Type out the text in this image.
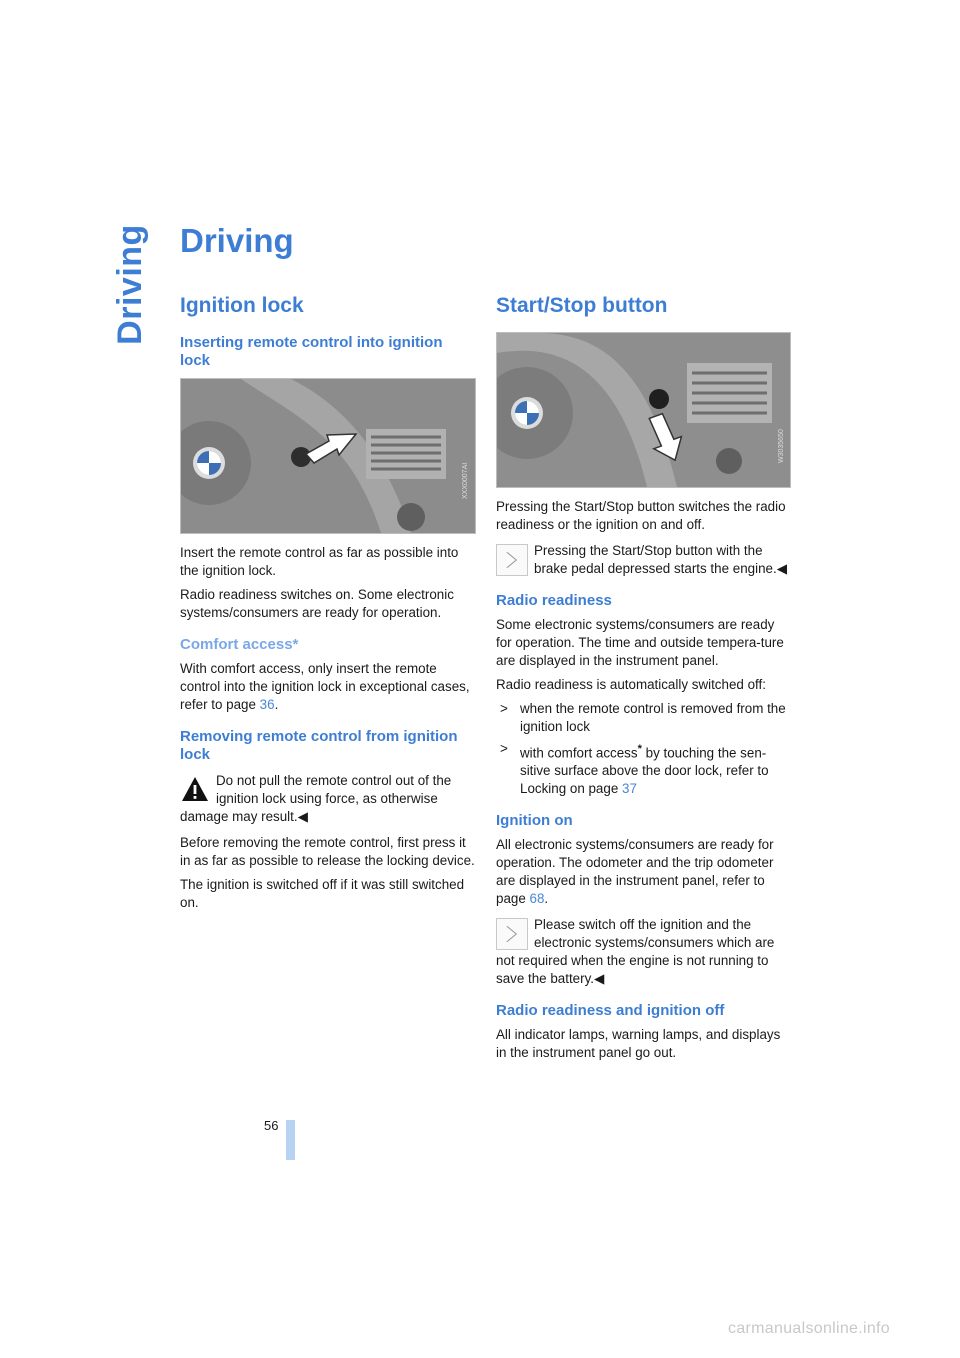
Driving Driving
Ignition lock
Inserting remote control into ignition lock
XXX0007AI

Insert the remote control as far as possible into the ignition lock.

Radio readiness switches on. Some electronic systems/consumers are ready for operation.

Comfort access*

With comfort access, only insert the remote control into the ignition lock in exceptional cases, refer to page 36.

Removing remote control from ignition lock

Do not pull the remote control out of the ignition lock using force, as otherwise damage may result.◀

Before removing the remote control, first press it in as far as possible to release the locking device.

The ignition is switched off if it was still switched on.

Start/Stop button
W3035650

Pressing the Start/Stop button switches the radio readiness or the ignition on and off.

Pressing the Start/Stop button with the brake pedal depressed starts the engine.◀

Radio readiness

Some electronic systems/consumers are ready for operation. The time and outside tempera-ture are displayed in the instrument panel.

Radio readiness is automatically switched off:

> when the remote control is removed from the ignition lock
> with comfort access* by touching the sen-sitive surface above the door lock, refer to Locking on page 37
Ignition on

All electronic systems/consumers are ready for operation. The odometer and the trip odometer are displayed in the instrument panel, refer to page 68.

Please switch off the ignition and the electronic systems/consumers which are not required when the engine is not running to save the battery.◀

Radio readiness and ignition off

All indicator lamps, warning lamps, and displays in the instrument panel go out.

56
carmanualsonline.info
